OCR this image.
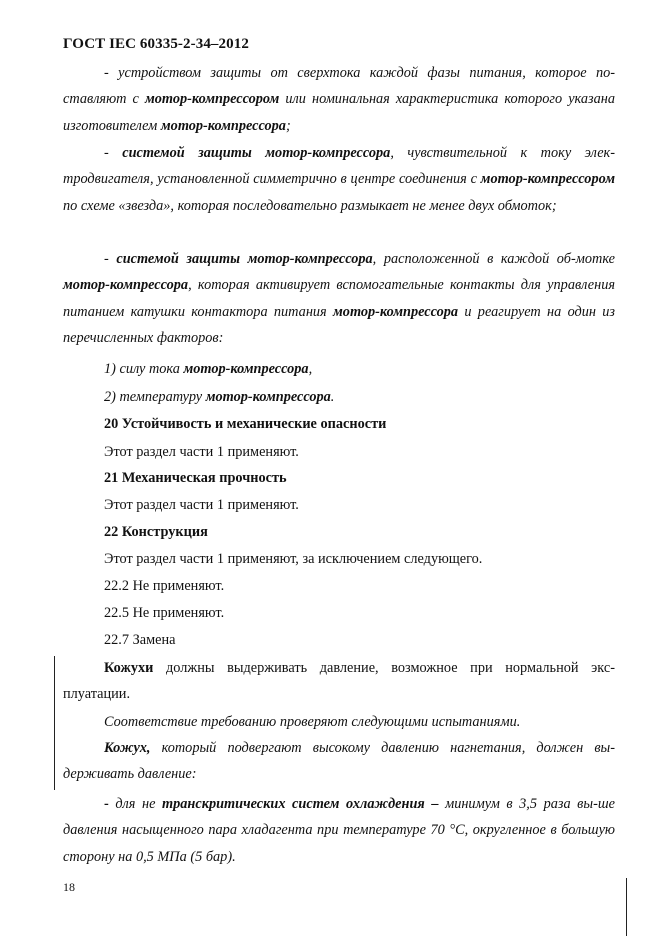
ГОСТ IEC 60335-2-34–2012
- устройством защиты от сверхтока каждой фазы питания, которое по-ставляют с мотор-компрессором или номинальная характеристика которого указана изготовителем мотор-компрессора;
- системой защиты мотор-компрессора, чувствительной к току элек-тродвигателя, установленной симметрично в центре соединения с мотор-компрессором по схеме «звезда», которая последовательно размыкает не менее двух обмоток;
- системой защиты мотор-компрессора, расположенной в каждой об-мотке мотор-компрессора, которая активирует вспомогательные контакты для управления питанием катушки контактора питания мотор-компрессора и реагирует на один из перечисленных факторов:
1) силу тока мотор-компрессора,
2) температуру мотор-компрессора.
20 Устойчивость и механические опасности
Этот раздел части 1 применяют.
21 Механическая прочность
Этот раздел части 1 применяют.
22 Конструкция
Этот раздел части 1 применяют, за исключением следующего.
22.2 Не применяют.
22.5 Не применяют.
22.7 Замена
Кожухи должны выдерживать давление, возможное при нормальной экс-плуатации.
Соответствие требованию проверяют следующими испытаниями.
Кожух, который подвергают высокому давлению нагнетания, должен вы-держивать давление:
- для не транскритических систем охлаждения – минимум в 3,5 раза вы-ше давления насыщенного пара хладагента при температуре 70 °С, округленное в большую сторону на 0,5 МПа (5 бар).
18
